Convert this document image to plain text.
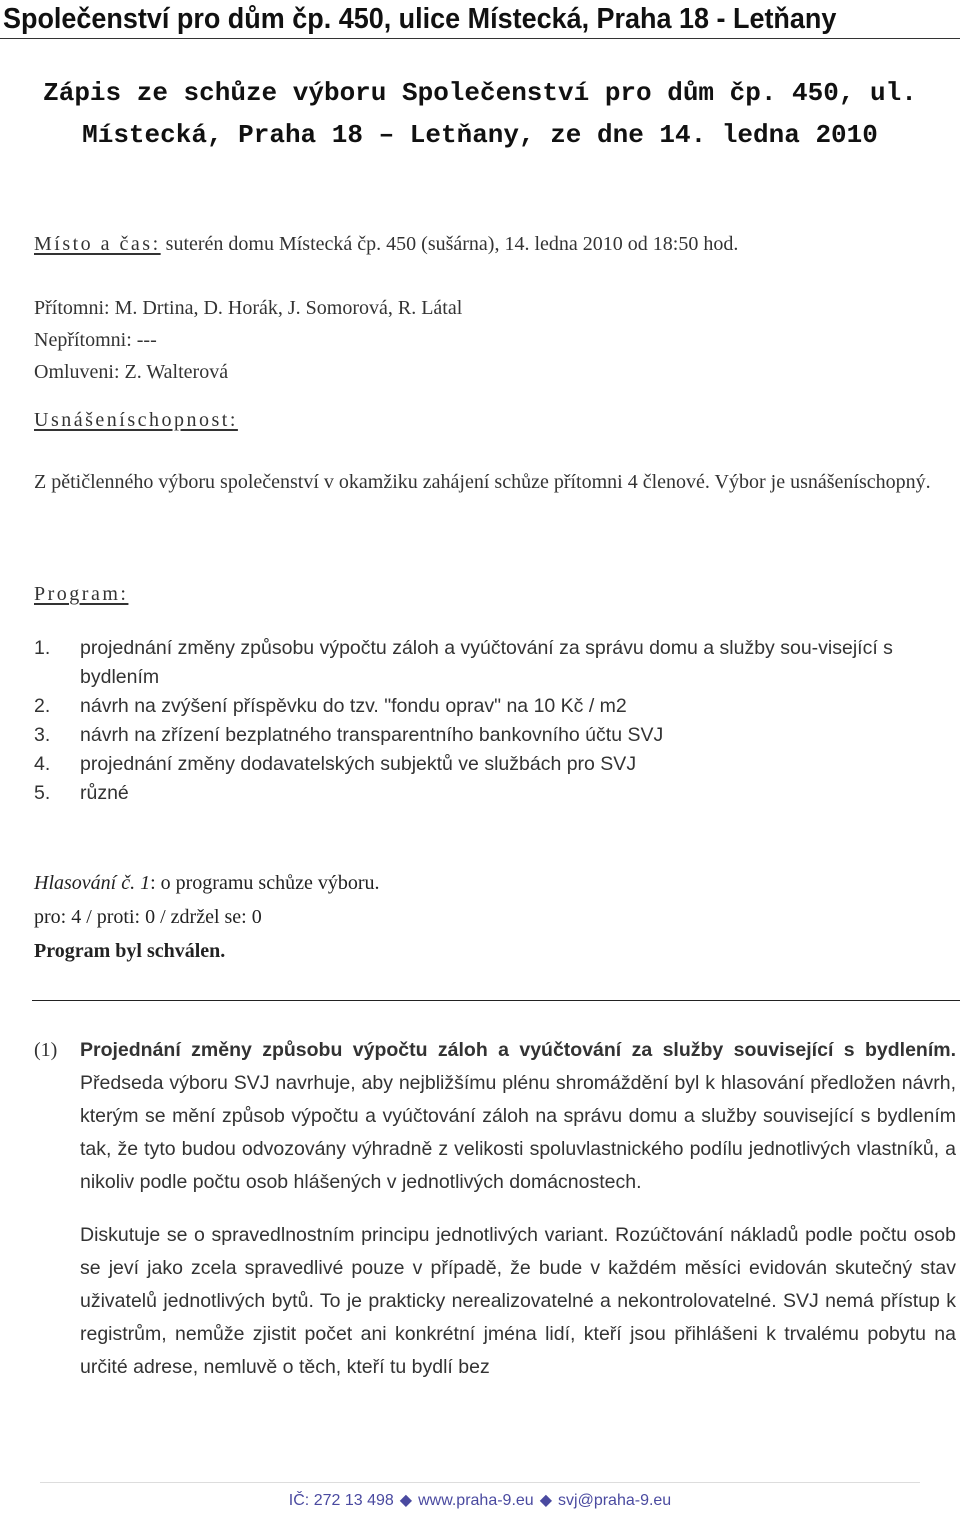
Společenství pro dům čp. 450, ulice Místecká, Praha 18 - Letňany
Zápis ze schůze výboru Společenství pro dům čp. 450, ul.
Místecká, Praha 18 – Letňany, ze dne 14. ledna 2010
Místo a čas: suterén domu Místecká čp. 450 (sušárna), 14. ledna 2010 od 18:50 hod.
Přítomni: M. Drtina, D. Horák, J. Somorová, R. Látal
Nepřítomni: ---
Omluveni: Z. Walterová
Usnášeníschopnost:
Z pětičlenného výboru společenství v okamžiku zahájení schůze přítomni 4 členové. Výbor je usnášeníschopný.
Program:
1.	projednání změny způsobu výpočtu záloh a vyúčtování za správu domu a služby sou-visející s bydlením
2.	návrh na zvýšení příspěvku do tzv. "fondu oprav" na 10 Kč / m2
3.	návrh na zřízení bezplatného transparentního bankovního účtu SVJ
4.	projednání změny dodavatelských subjektů ve službách pro SVJ
5.	různé
Hlasování č. 1: o programu schůze výboru.
pro: 4 / proti: 0 / zdržel se: 0
Program byl schválen.
(1)	Projednání změny způsobu výpočtu záloh a vyúčtování za služby související s bydlením. Předseda výboru SVJ navrhuje, aby nejbližšímu plénu shromáždění byl k hlasování předložen návrh, kterým se mění způsob výpočtu a vyúčtování záloh na správu domu a služby související s bydlením tak, že tyto budou odvozovány výhradně z velikosti spoluvlastnického podílu jednotlivých vlastníků, a nikoliv podle počtu osob hlášených v jednotlivých domácnostech.
Diskutuje se o spravedlnostním principu jednotlivých variant. Rozúčtování nákladů podle počtu osob se jeví jako zcela spravedlivé pouze v případě, že bude v každém měsíci evidován skutečný stav uživatelů jednotlivých bytů. To je prakticky nerealizovatelné a nekontrolovatelné. SVJ nemá přístup k registrům, nemůže zjistit počet ani konkrétní jména lidí, kteří jsou přihlášeni k trvalému pobytu na určité adrese, nemluvě o těch, kteří tu bydlí bez
IČ: 272 13 498 ◆ www.praha-9.eu ◆ svj@praha-9.eu
